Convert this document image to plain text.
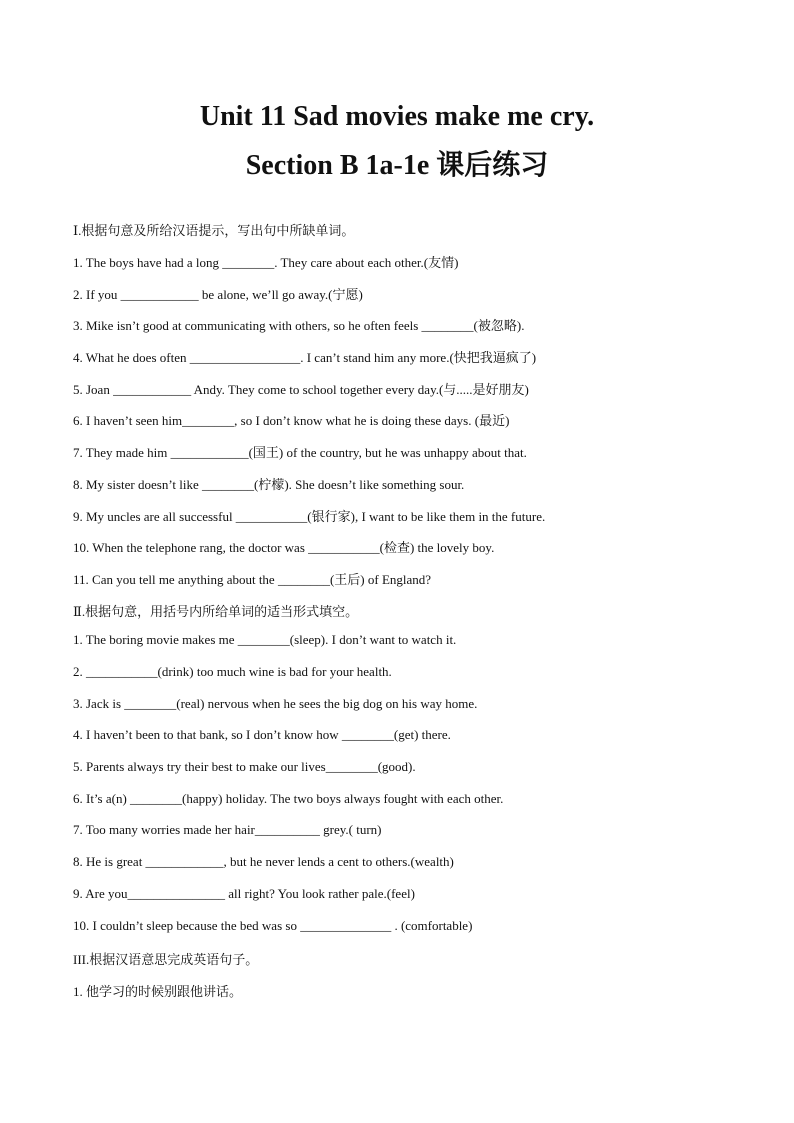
Unit 11 Sad movies make me cry.
Section B 1a-1e 课后练习
Ⅰ.根据句意及所给汉语提示，写出句中所缺单词。
1. The boys have had a long ________. They care about each other.(友情)
2. If you ____________ be alone, we’ll go away.(宁愿)
3. Mike isn’t good at communicating with others, so he often feels ________(被忽略).
4. What he does often _________________. I can’t stand him any more.(快把我逼疯了)
5. Joan ____________ Andy. They come to school together every day.(与.....是好朋友)
6. I haven’t seen him________, so I don’t know what he is doing these days. (最近)
7. They made him ____________(国王) of the country, but he was unhappy about that.
8. My sister doesn’t like ________(柠檬). She doesn’t like something sour.
9. My uncles are all successful ___________(银行家), I want to be like them in the future.
10. When the telephone rang, the doctor was ___________(检查) the lovely boy.
11. Can you tell me anything about the ________(王后) of England?
Ⅱ.根据句意，用括号内所给单词的适当形式填空。
1. The boring movie makes me ________(sleep). I don’t want to watch it.
2. ___________(drink) too much wine is bad for your health.
3. Jack is ________(real) nervous when he sees the big dog on his way home.
4. I haven’t been to that bank, so I don’t know how ________(get) there.
5. Parents always try their best to make our lives________(good).
6. It’s a(n) ________(happy) holiday. The two boys always fought with each other.
7. Too many worries made her hair__________ grey.( turn)
8. He is great ____________, but he never lends a cent to others.(wealth)
9. Are you_______________ all right? You look rather pale.(feel)
10. I couldn’t sleep because the bed was so ______________ . (comfortable)
III.根据汉语意思完成英语句子。
1. 他学习的时候别跟他讲话。
